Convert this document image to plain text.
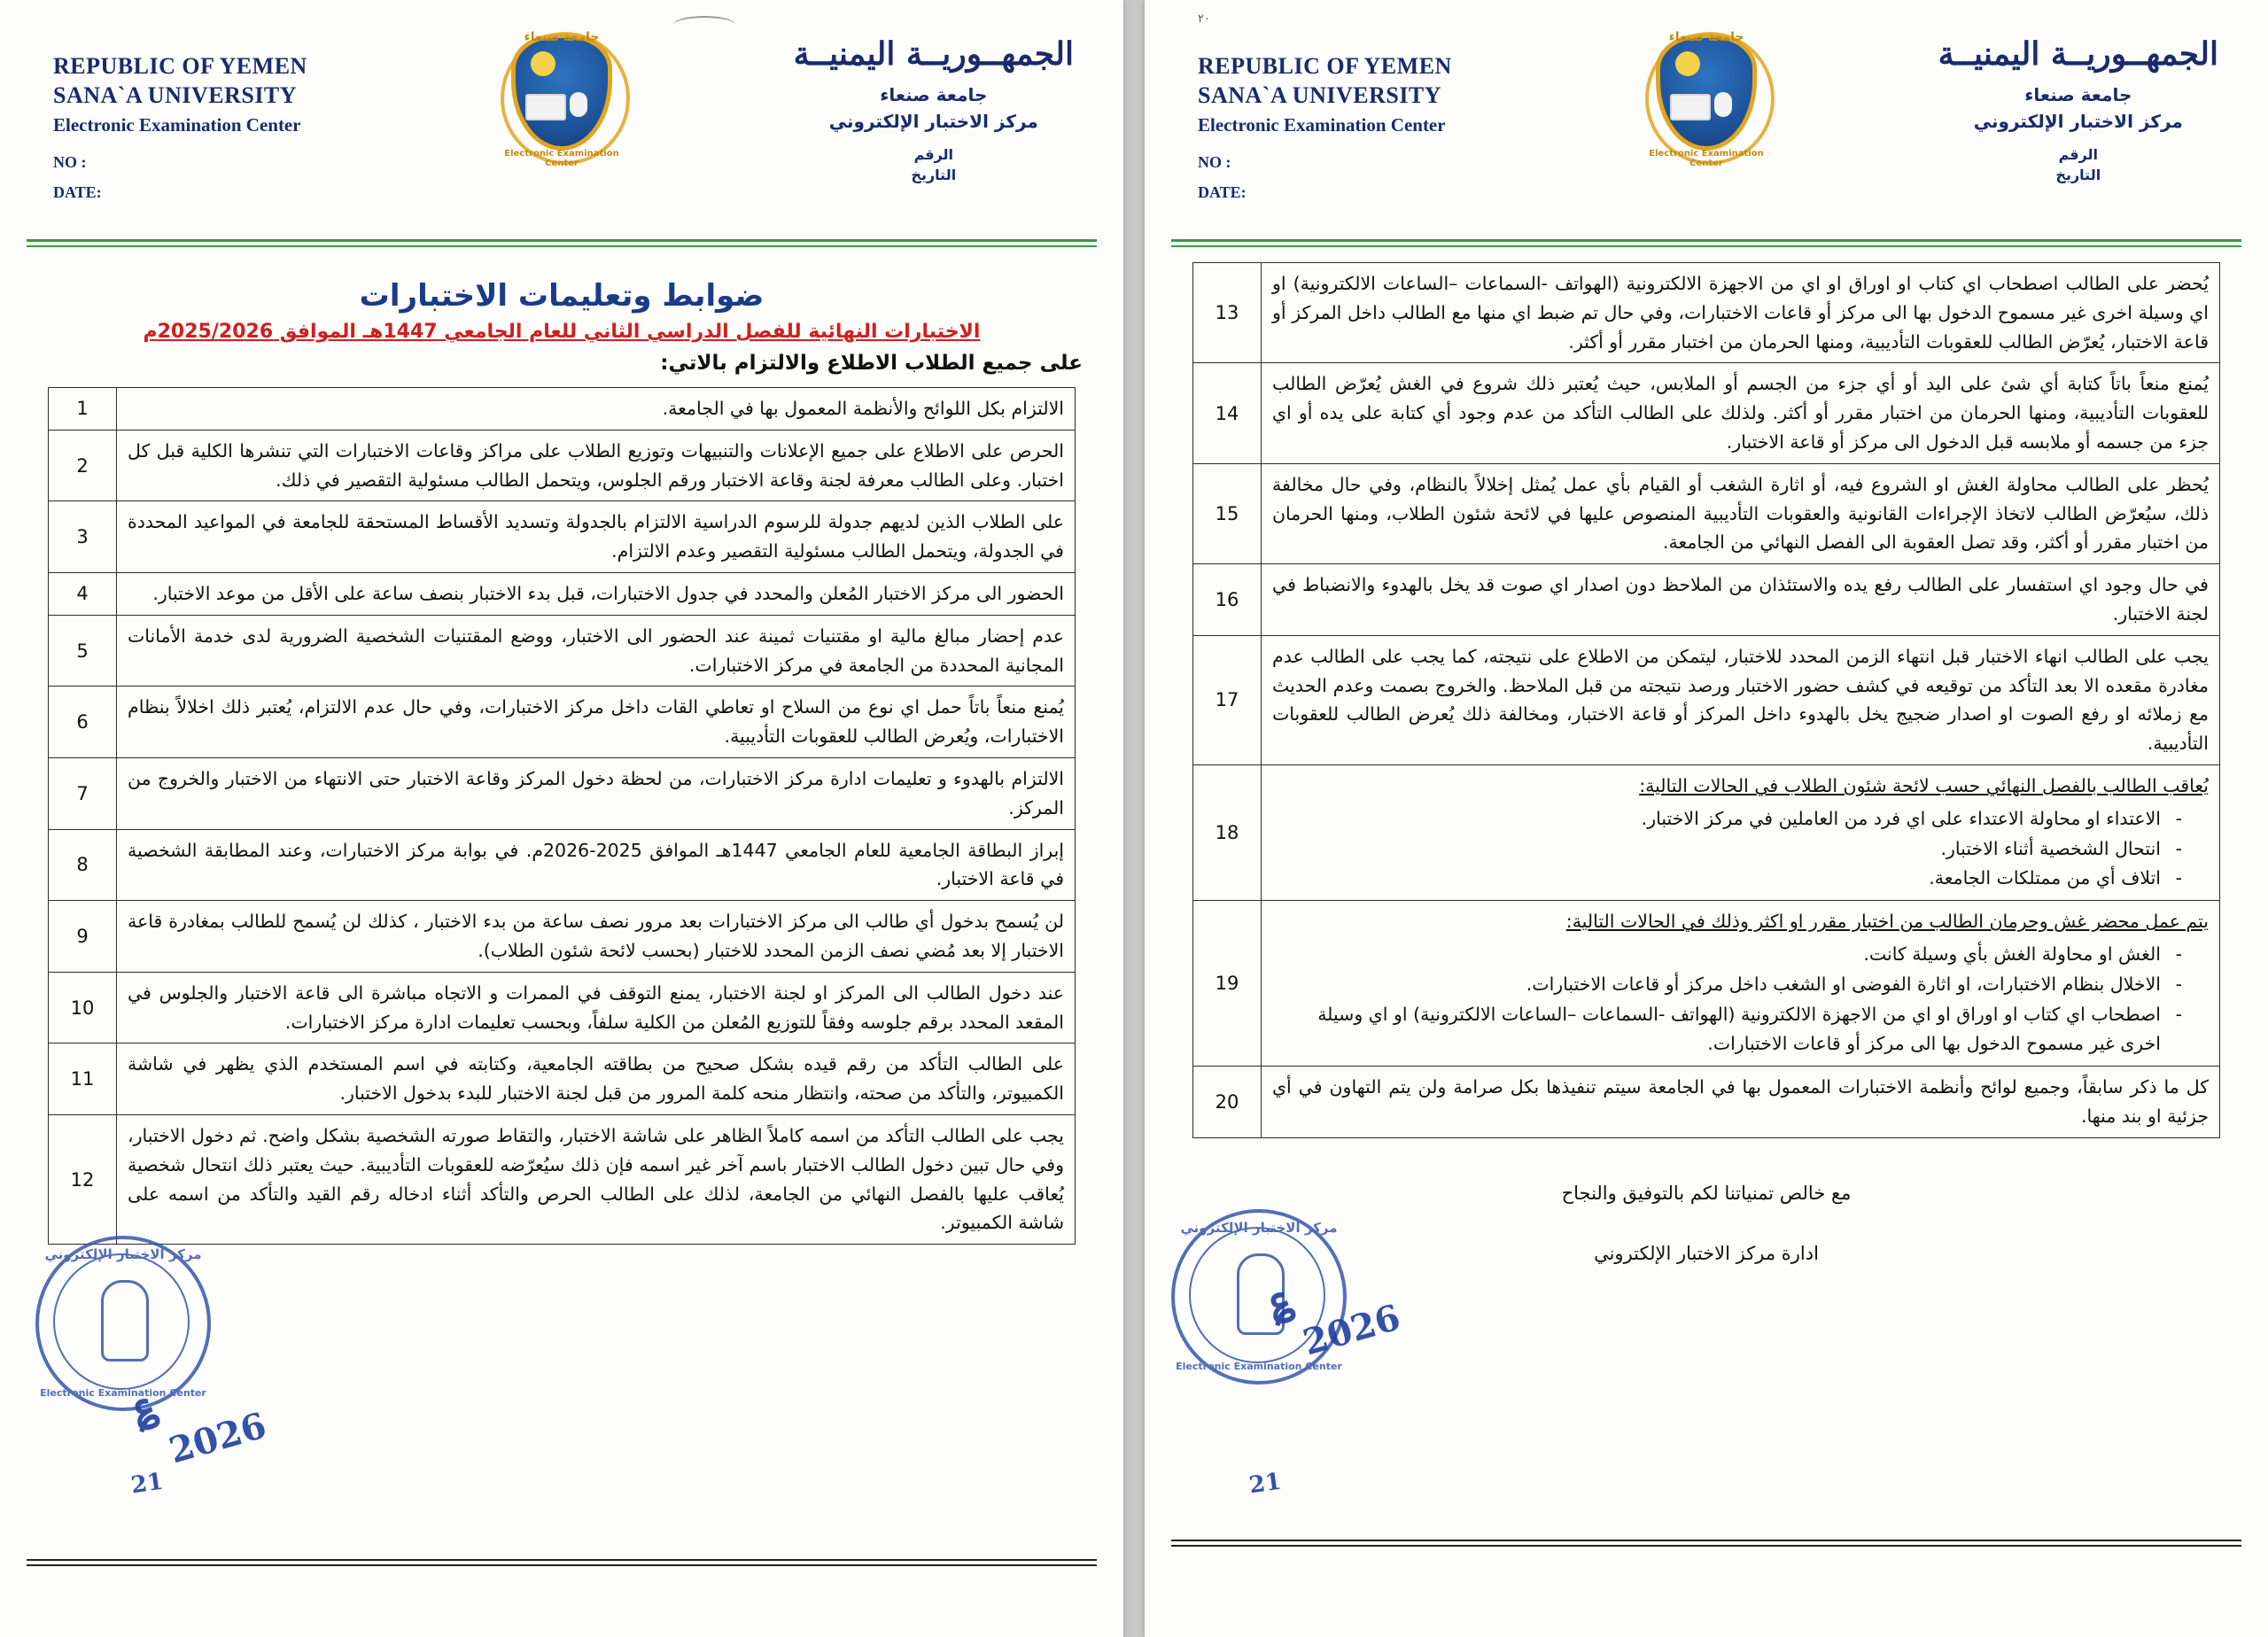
REPUBLIC OF YEMEN
SANA`A UNIVERSITY
Electronic Examination Center
NO :
DATE:
جامعة صنعاء
Electronic Examination Center
الجمهــوريــة اليمنيــة
جامعة صنعاء
مركز الاختبار الإلكتروني
الرقم
التاريخ
ضوابط وتعليمات الاختبارات
الاختبارات النهائية للفصل الدراسي الثاني للعام الجامعي 1447هـ الموافق 2025/2026م
على جميع الطلاب الاطلاع والالتزام بالاتي:
الالتزام بكل اللوائح والأنظمة المعمول بها في الجامعة.	1
الحرص على الاطلاع على جميع الإعلانات والتنبيهات وتوزيع الطلاب على مراكز وقاعات الاختبارات التي تنشرها الكلية قبل كل اختبار. وعلى الطالب معرفة لجنة وقاعة الاختبار ورقم الجلوس، ويتحمل الطالب مسئولية التقصير في ذلك.	2
على الطلاب الذين لديهم جدولة للرسوم الدراسية الالتزام بالجدولة وتسديد الأقساط المستحقة للجامعة في المواعيد المحددة في الجدولة، ويتحمل الطالب مسئولية التقصير وعدم الالتزام.	3
الحضور الى مركز الاختبار المُعلن والمحدد في جدول الاختبارات، قبل بدء الاختبار بنصف ساعة على الأقل من موعد الاختبار.	4
عدم إحضار مبالغ مالية او مقتنيات ثمينة عند الحضور الى الاختبار، ووضع المقتنيات الشخصية الضرورية لدى خدمة الأمانات المجانية المحددة من الجامعة في مركز الاختبارات.	5
يُمنع منعاً باتاً حمل اي نوع من السلاح او تعاطي القات داخل مركز الاختبارات، وفي حال عدم الالتزام، يُعتبر ذلك اخلالاً بنظام الاختبارات، ويُعرض الطالب للعقوبات التأديبية.	6
الالتزام بالهدوء و تعليمات ادارة مركز الاختبارات، من لحظة دخول المركز وقاعة الاختبار حتى الانتهاء من الاختبار والخروج من المركز.	7
إبراز البطاقة الجامعية للعام الجامعي 1447هـ الموافق 2025-2026م. في بوابة مركز الاختبارات، وعند المطابقة الشخصية في قاعة الاختبار.	8
لن يُسمح بدخول أي طالب الى مركز الاختبارات بعد مرور نصف ساعة من بدء الاختبار ، كذلك لن يُسمح للطالب بمغادرة قاعة الاختبار إلا بعد مُضي نصف الزمن المحدد للاختبار (بحسب لائحة شئون الطلاب).	9
عند دخول الطالب الى المركز او لجنة الاختبار، يمنع التوقف في الممرات و الاتجاه مباشرة الى قاعة الاختبار والجلوس في المقعد المحدد برقم جلوسه وفقاً للتوزيع المُعلن من الكلية سلفاً، وبحسب تعليمات ادارة مركز الاختبارات.	10
على الطالب التأكد من رقم قيده بشكل صحيح من بطاقته الجامعية، وكتابته في اسم المستخدم الذي يظهر في شاشة الكمبيوتر، والتأكد من صحته، وانتظار منحه كلمة المرور من قبل لجنة الاختبار للبدء بدخول الاختبار.	11
يجب على الطالب التأكد من اسمه كاملاً الظاهر على شاشة الاختبار، والتقاط صورته الشخصية بشكل واضح. ثم دخول الاختبار، وفي حال تبين دخول الطالب الاختبار باسم آخر غير اسمه فإن ذلك سيُعرّضه للعقوبات التأديبية. حيث يعتبر ذلك انتحال شخصية يُعاقب عليها بالفصل النهائي من الجامعة، لذلك على الطالب الحرص والتأكد أثناء ادخاله رقم القيد والتأكد من اسمه على شاشة الكمبيوتر.	12
مركز الاختبار الإلكتروني
Electronic Examination Center
؏
2026
21
٢٠
REPUBLIC OF YEMEN
SANA`A UNIVERSITY
Electronic Examination Center
NO :
DATE:
جامعة صنعاء
Electronic Examination Center
الجمهــوريــة اليمنيــة
جامعة صنعاء
مركز الاختبار الإلكتروني
الرقم
التاريخ
يُحضر على الطالب اصطحاب اي كتاب او اوراق او اي من الاجهزة الالكترونية (الهواتف -السماعات –الساعات الالكترونية) او اي وسيلة اخرى غير مسموح الدخول بها الى مركز أو قاعات الاختبارات، وفي حال تم ضبط اي منها مع الطالب داخل المركز أو قاعة الاختبار، يُعرّض الطالب للعقوبات التأديبية، ومنها الحرمان من اختبار مقرر أو أكثر.	13
يُمنع منعاً باتاً كتابة أي شئ على اليد أو أي جزء من الجسم أو الملابس، حيث يُعتبر ذلك شروع في الغش يُعرّض الطالب للعقوبات التأديبية، ومنها الحرمان من اختبار مقرر أو أكثر. ولذلك على الطالب التأكد من عدم وجود أي كتابة على يده أو اي جزء من جسمه أو ملابسه قبل الدخول الى مركز أو قاعة الاختبار.	14
يُحظر على الطالب محاولة الغش او الشروع فيه، أو اثارة الشغب أو القيام بأي عمل يُمثل إخلالاً بالنظام، وفي حال مخالفة ذلك، سيُعرّض الطالب لاتخاذ الإجراءات القانونية والعقوبات التأديبية المنصوص عليها في لائحة شئون الطلاب، ومنها الحرمان من اختبار مقرر أو أكثر، وقد تصل العقوبة الى الفصل النهائي من الجامعة.	15
في حال وجود اي استفسار على الطالب رفع يده والاستئذان من الملاحظ دون اصدار اي صوت قد يخل بالهدوء والانضباط في لجنة الاختبار.	16
يجب على الطالب انهاء الاختبار قبل انتهاء الزمن المحدد للاختبار، ليتمكن من الاطلاع على نتيجته، كما يجب على الطالب عدم مغادرة مقعده الا بعد التأكد من توقيعه في كشف حضور الاختبار ورصد نتيجته من قبل الملاحظ. والخروج بصمت وعدم الحديث مع زملائه او رفع الصوت او اصدار ضجيج يخل بالهدوء داخل المركز أو قاعة الاختبار، ومخالفة ذلك يُعرض الطالب للعقوبات التأديبية.	17

يُعاقب الطالب بالفصل النهائي حسب لائحة شئون الطلاب في الحالات التالية:
- الاعتداء او محاولة الاعتداء على اي فرد من العاملين في مركز الاختبار.
- انتحال الشخصية أثناء الاختبار.
- اتلاف أي من ممتلكات الجامعة.
	18

يتم عمل محضر غش وحرمان الطالب من اختبار مقرر او اكثر وذلك في الحالات التالية:
- الغش او محاولة الغش بأي وسيلة كانت.
- الاخلال بنظام الاختبارات، او اثارة الفوضى او الشغب داخل مركز أو قاعات الاختبارات.
- اصطحاب اي كتاب او اوراق او اي من الاجهزة الالكترونية (الهواتف -السماعات –الساعات الالكترونية) او اي وسيلة اخرى غير مسموح الدخول بها الى مركز أو قاعات الاختبارات.
	19
كل ما ذكر سابقاً، وجميع لوائح وأنظمة الاختبارات المعمول بها في الجامعة سيتم تنفيذها بكل صرامة ولن يتم التهاون في أي جزئية او بند منها.	20
مع خالص تمنياتنا لكم بالتوفيق والنجاح
ادارة مركز الاختبار الإلكتروني
مركز الاختبار الإلكتروني
Electronic Examination Center
؏ 2026
21
